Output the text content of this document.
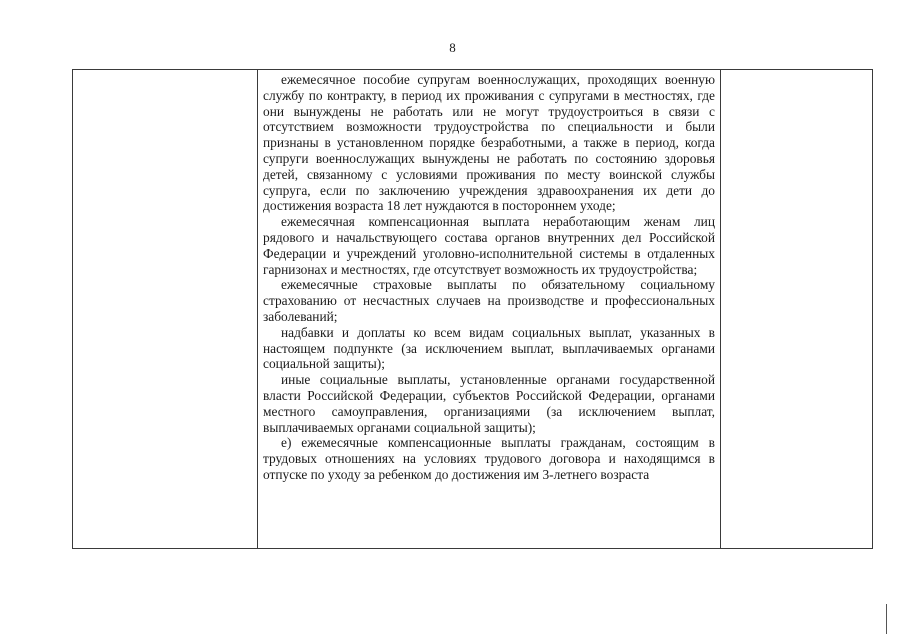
8

ежемесячное пособие супругам военнослужащих, проходящих военную службу по контракту, в период их проживания с супругами в местностях, где они вынуждены не работать или не могут трудоустроиться в связи с отсутствием возможности трудоустройства по специальности и были признаны в установленном порядке безработными, а также в период, когда супруги военнослужащих вынуждены не работать по состоянию здоровья детей, связанному с условиями проживания по месту воинской службы супруга, если по заключению учреждения здравоохранения их дети до достижения возраста 18 лет нуждаются в постороннем уходе;

ежемесячная компенсационная выплата неработающим женам лиц рядового и начальствующего состава органов внутренних дел Российской Федерации и учреждений уголовно-исполнительной системы в отдаленных гарнизонах и местностях, где отсутствует возможность их трудоустройства;

ежемесячные страховые выплаты по обязательному социальному страхованию от несчастных случаев на производстве и профессиональных заболеваний;

надбавки и доплаты ко всем видам социальных выплат, указанных в настоящем подпункте (за исключением выплат, выплачиваемых органами социальной защиты);

иные социальные выплаты, установленные органами государственной власти Российской Федерации, субъектов Российской Федерации, органами местного самоуправления, организациями (за исключением выплат, выплачиваемых органами социальной защиты);

е) ежемесячные компенсационные выплаты гражданам, состоящим в трудовых отношениях на условиях трудового договора и находящимся в отпуске по уходу за ребенком до достижения им 3-летнего возраста
